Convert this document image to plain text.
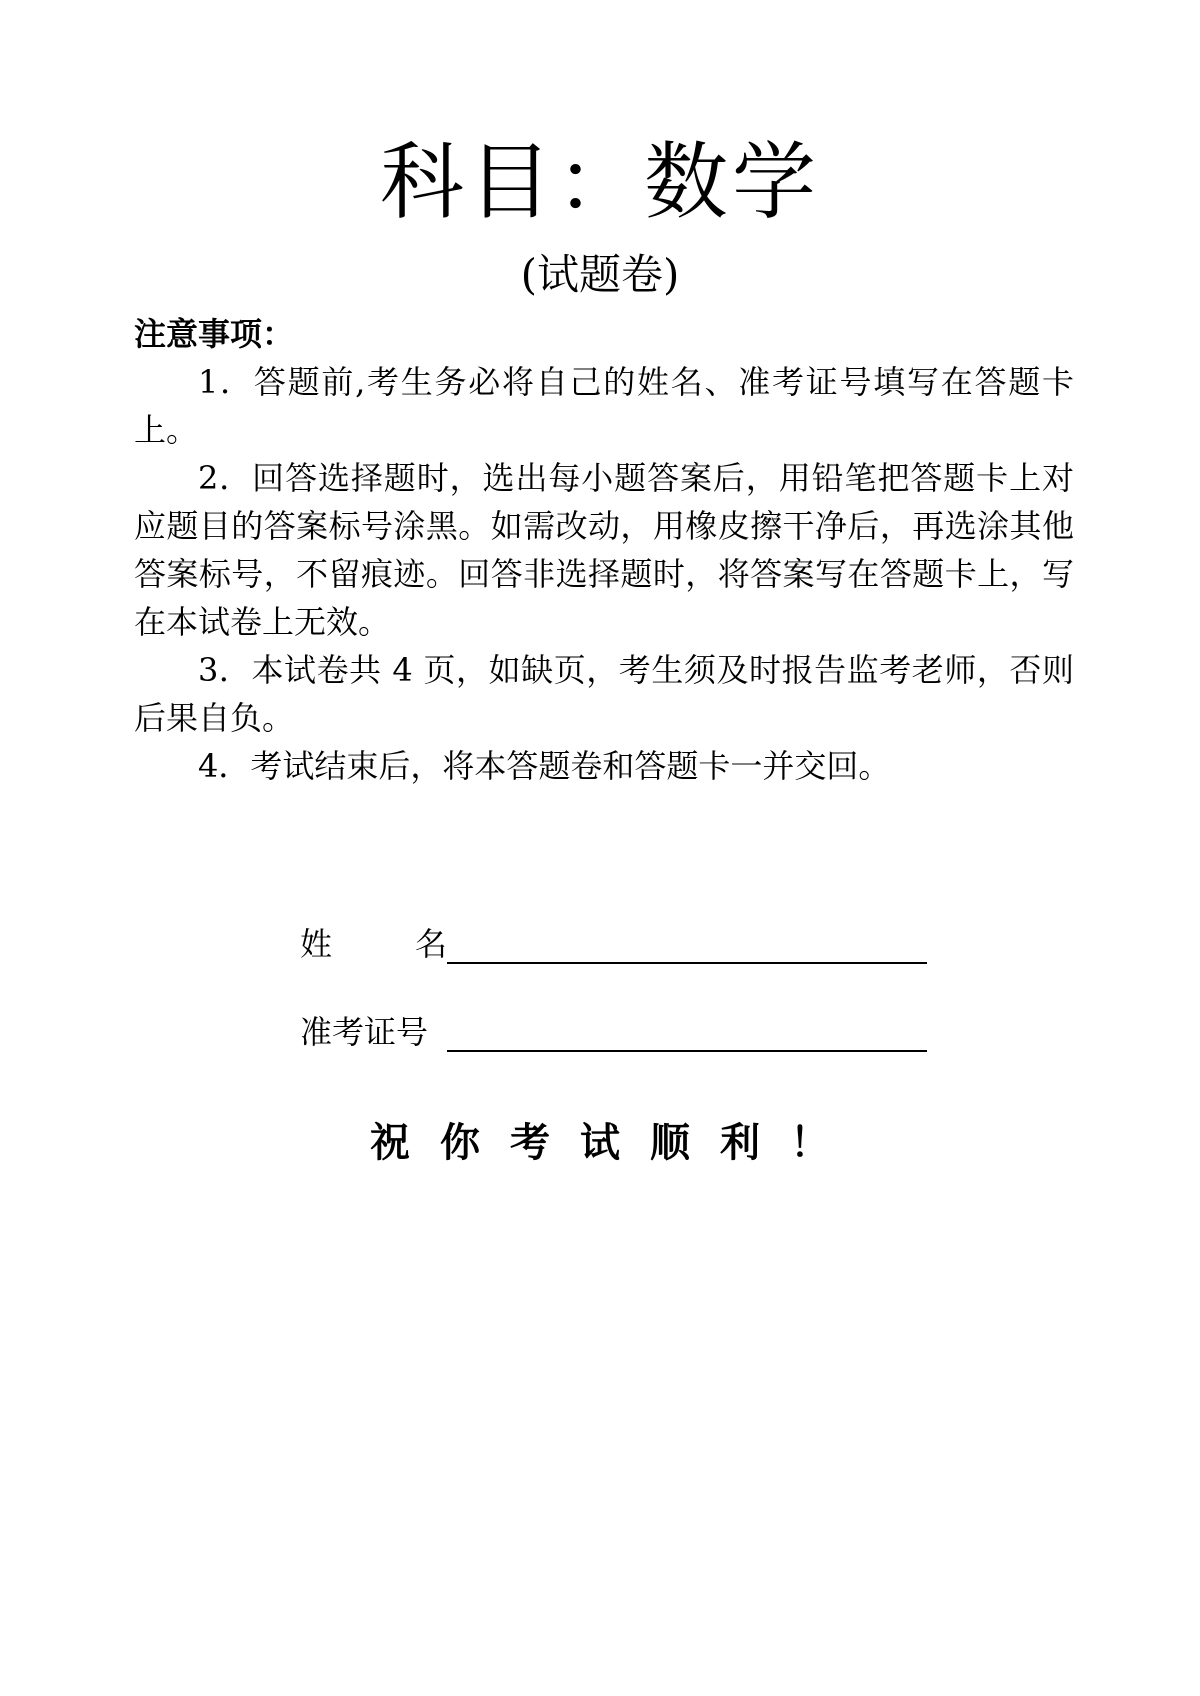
科目：数学
(试题卷)
注意事项：

1．答题前,考生务必将自己的姓名、准考证号填写在答题卡上。

2．回答选择题时，选出每小题答案后，用铅笔把答题卡上对应题目的答案标号涂黑。如需改动，用橡皮擦干净后，再选涂其他答案标号，不留痕迹。回答非选择题时，将答案写在答题卡上，写在本试卷上无效。

3．本试卷共 4 页，如缺页，考生须及时报告监考老师，否则后果自负。

4．考试结束后，将本答题卷和答题卡一并交回。

姓	名
准考证号
祝你考试顺利！
